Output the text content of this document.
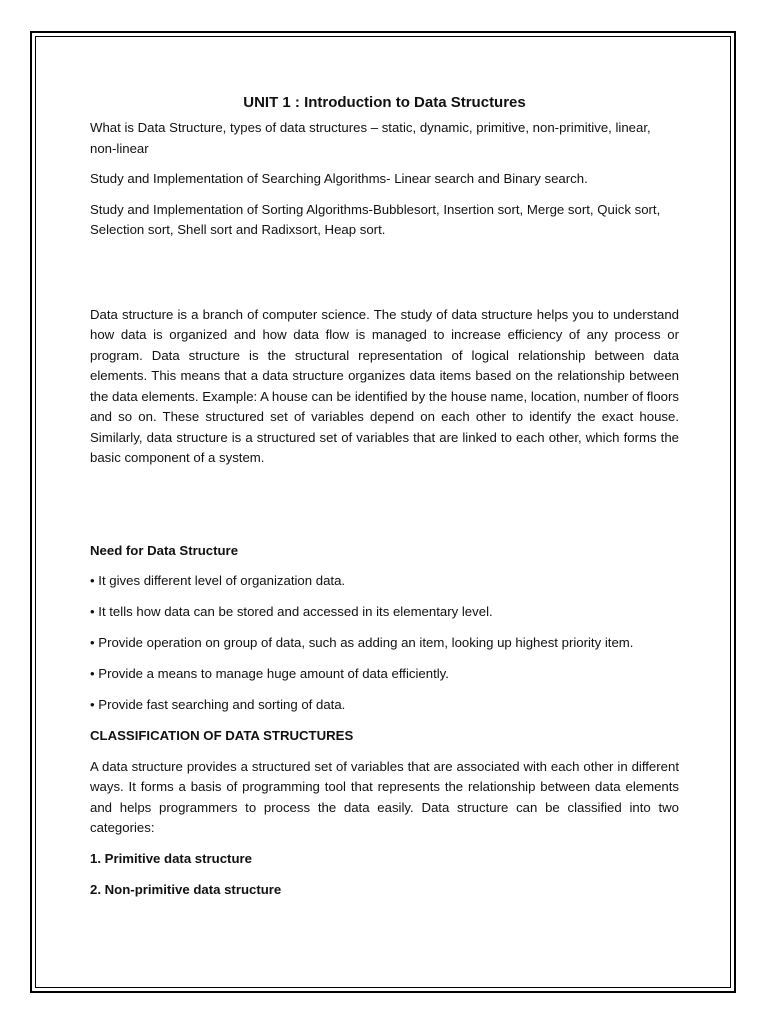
UNIT 1 : Introduction to Data Structures

What is Data Structure, types of data structures – static, dynamic, primitive, non-primitive, linear, non-linear

Study and Implementation of Searching Algorithms- Linear search and Binary search.

Study and Implementation of Sorting Algorithms-Bubblesort, Insertion sort, Merge sort, Quick sort, Selection sort, Shell sort and Radixsort, Heap sort.

Data structure is a branch of computer science. The study of data structure helps you to understand how data is organized and how data flow is managed to increase efficiency of any process or program. Data structure is the structural representation of logical relationship between data elements. This means that a data structure organizes data items based on the relationship between the data elements. Example: A house can be identified by the house name, location, number of floors and so on. These structured set of variables depend on each other to identify the exact house. Similarly, data structure is a structured set of variables that are linked to each other, which forms the basic component of a system.

Need for Data Structure

• It gives different level of organization data.

• It tells how data can be stored and accessed in its elementary level.

• Provide operation on group of data, such as adding an item, looking up highest priority item.

• Provide a means to manage huge amount of data efficiently.

• Provide fast searching and sorting of data.

CLASSIFICATION OF DATA STRUCTURES

A data structure provides a structured set of variables that are associated with each other in different ways. It forms a basis of programming tool that represents the relationship between data elements and helps programmers to process the data easily. Data structure can be classified into two categories:

1. Primitive data structure

2. Non-primitive data structure
